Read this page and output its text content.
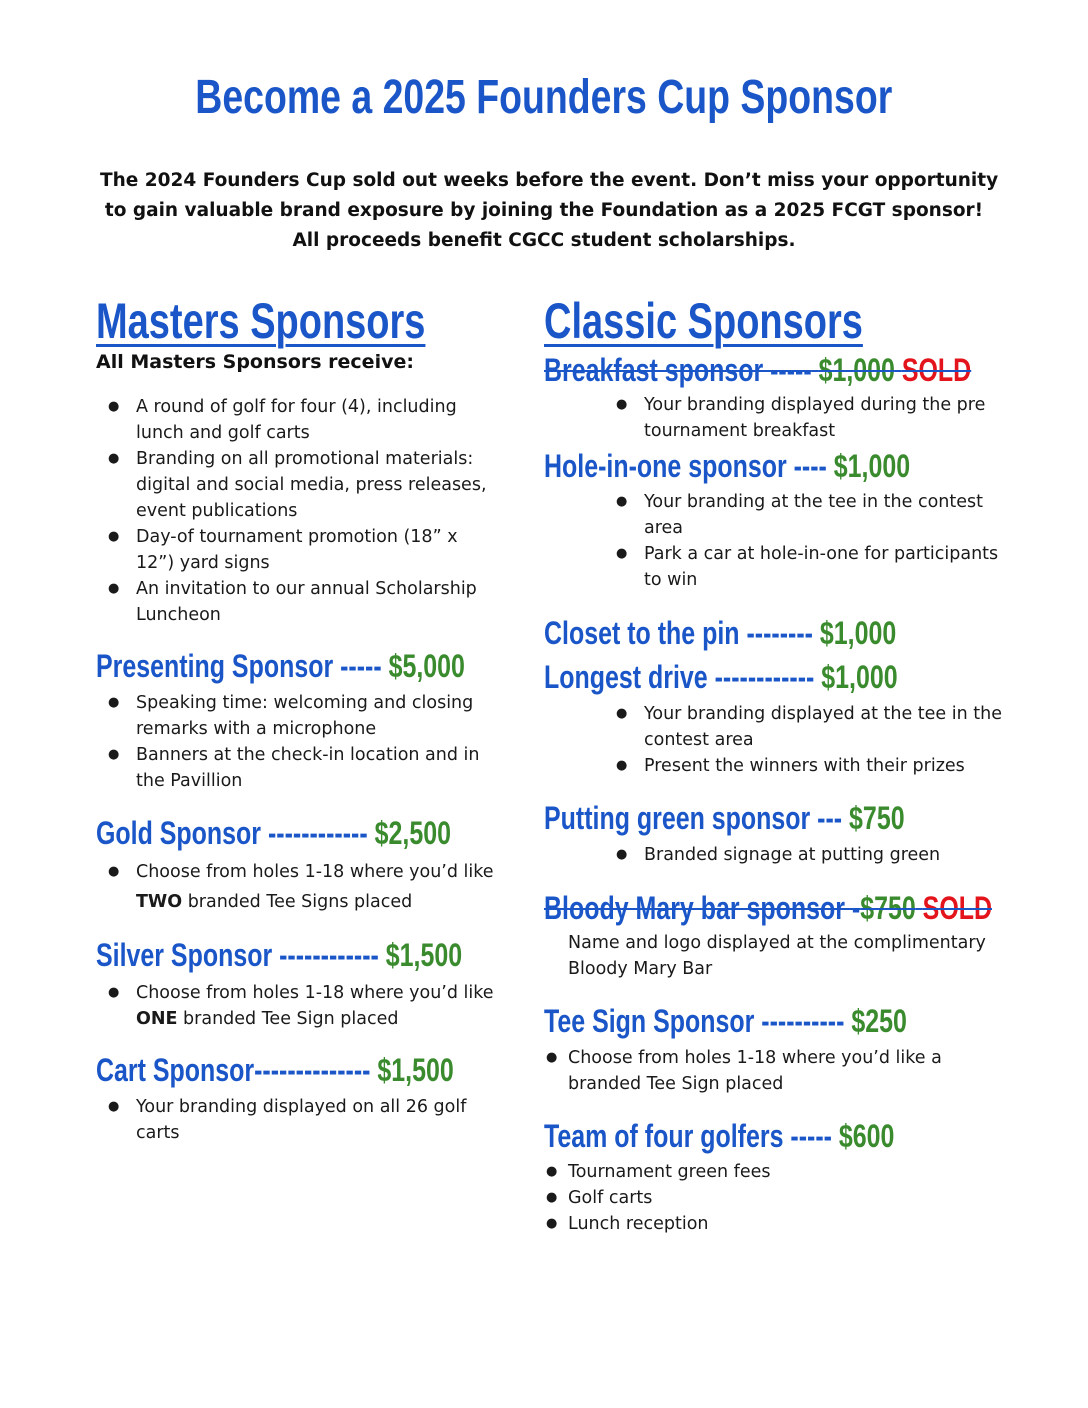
Become a 2025 Founders Cup Sponsor
The 2024 Founders Cup sold out weeks before the event. Don’t miss your opportunity
to gain valuable brand exposure by joining the Foundation as a 2025 FCGT sponsor!
All proceeds benefit CGCC student scholarships.
Masters Sponsors
All Masters Sponsors receive:
● A round of golf for four (4), including lunch and golf carts
● Branding on all promotional materials: digital and social media, press releases, event publications
● Day-of tournament promotion (18” x 12”) yard signs
● An invitation to our annual Scholarship Luncheon
Presenting Sponsor ----- $5,000
● Speaking time: welcoming and closing remarks with a microphone
● Banners at the check-in location and in the Pavillion
Gold Sponsor ------------ $2,500
● Choose from holes 1-18 where you’d like
TWO branded Tee Signs placed
Silver Sponsor ------------ $1,500
● Choose from holes 1-18 where you’d like
ONE branded Tee Sign placed
Cart Sponsor-------------- $1,500
● Your branding displayed on all 26 golf carts
Classic Sponsors
Breakfast sponsor ----- $1,000 SOLD
● Your branding displayed during the pre tournament breakfast
Hole-in-one sponsor ---- $1,000
● Your branding at the tee in the contest area
● Park a car at hole-in-one for participants to win
Closet to the pin -------- $1,000
Longest drive ------------ $1,000
● Your branding displayed at the tee in the contest area
● Present the winners with their prizes
Putting green sponsor --- $750
● Branded signage at putting green
Bloody Mary bar sponsor -$750 SOLD
Name and logo displayed at the complimentary Bloody Mary Bar
Tee Sign Sponsor ---------- $250
● Choose from holes 1-18 where you’d like a branded Tee Sign placed
Team of four golfers ----- $600
● Tournament green fees
● Golf carts
● Lunch reception
